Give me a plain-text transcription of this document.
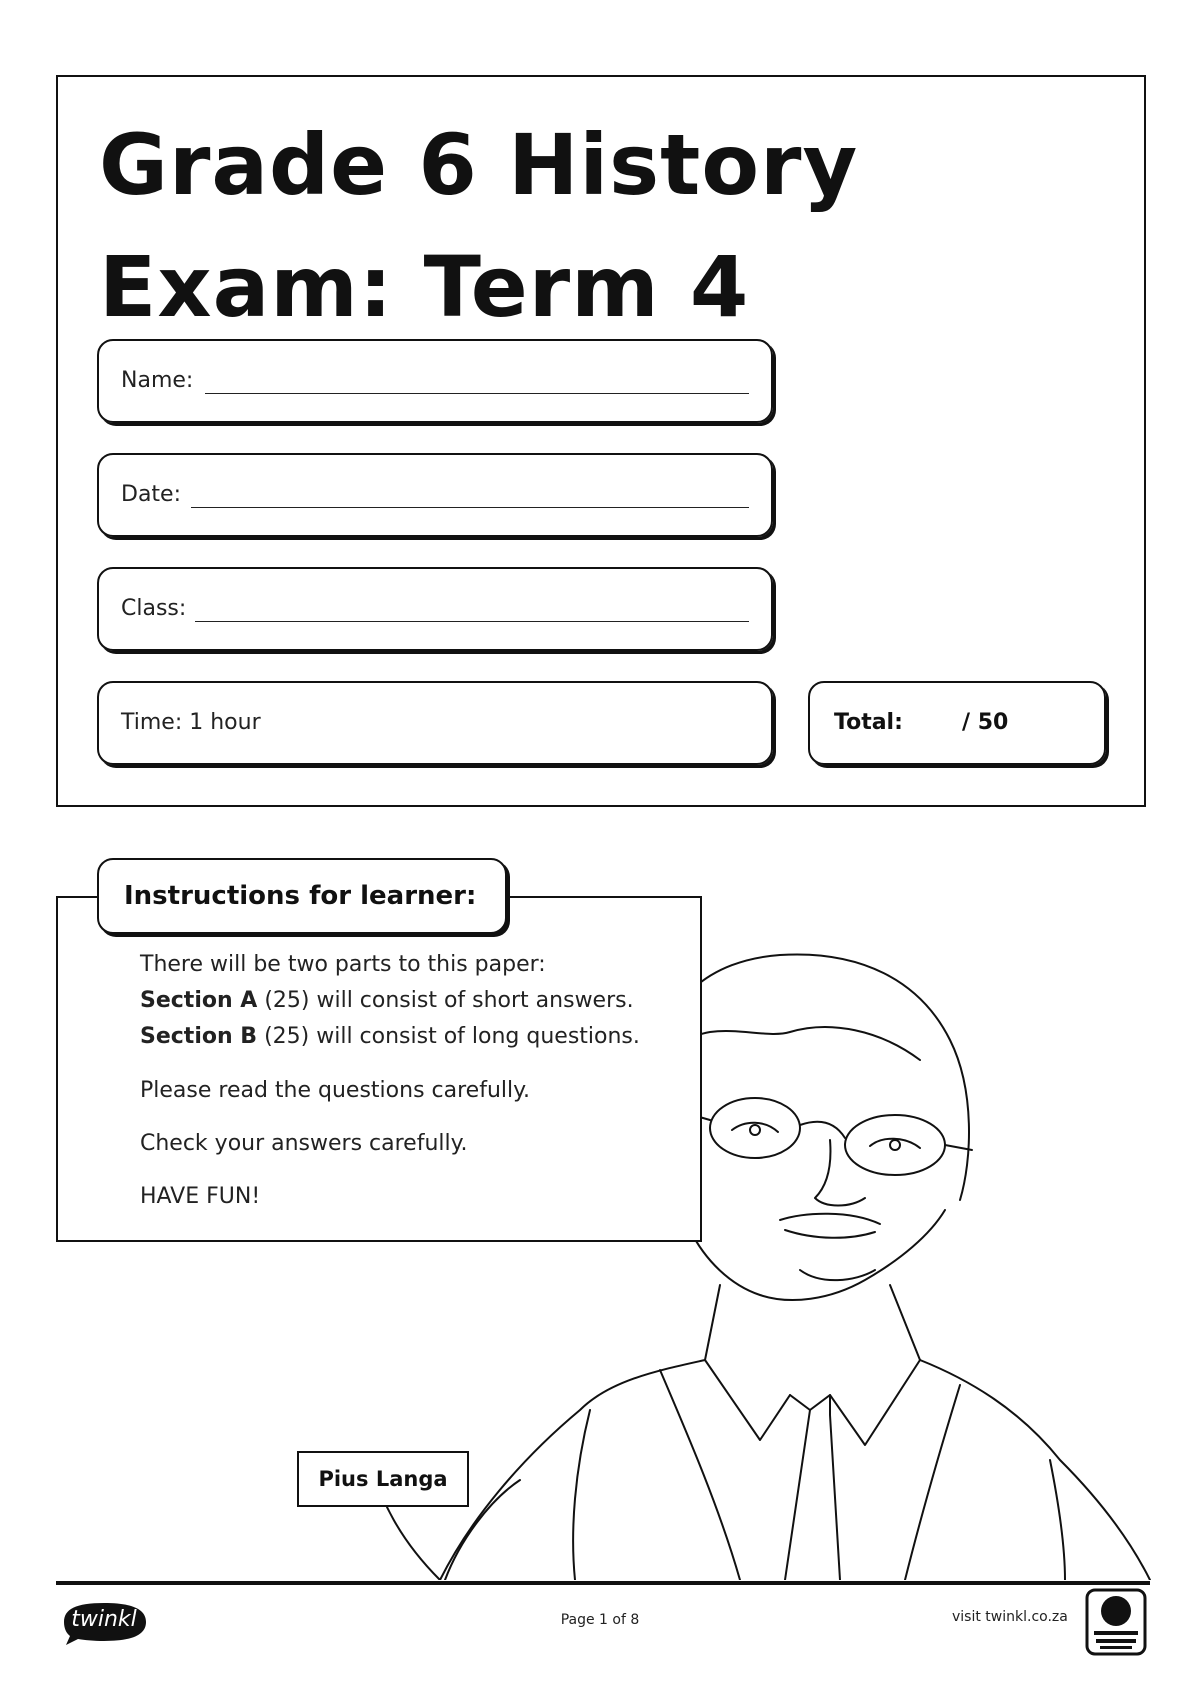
Grade 6 History
Exam: Term 4
Name:
Date:
Class:
Time: 1 hour	Total:	/ 50
Instructions for learner:
There will be two parts to this paper:
Section A (25) will consist of short answers.
Section B (25) will consist of long questions.
Please read the questions carefully.
Check your answers carefully.
HAVE FUN!
Pius Langa
twinkl	Page 1 of 8	visit twinkl.co.za
